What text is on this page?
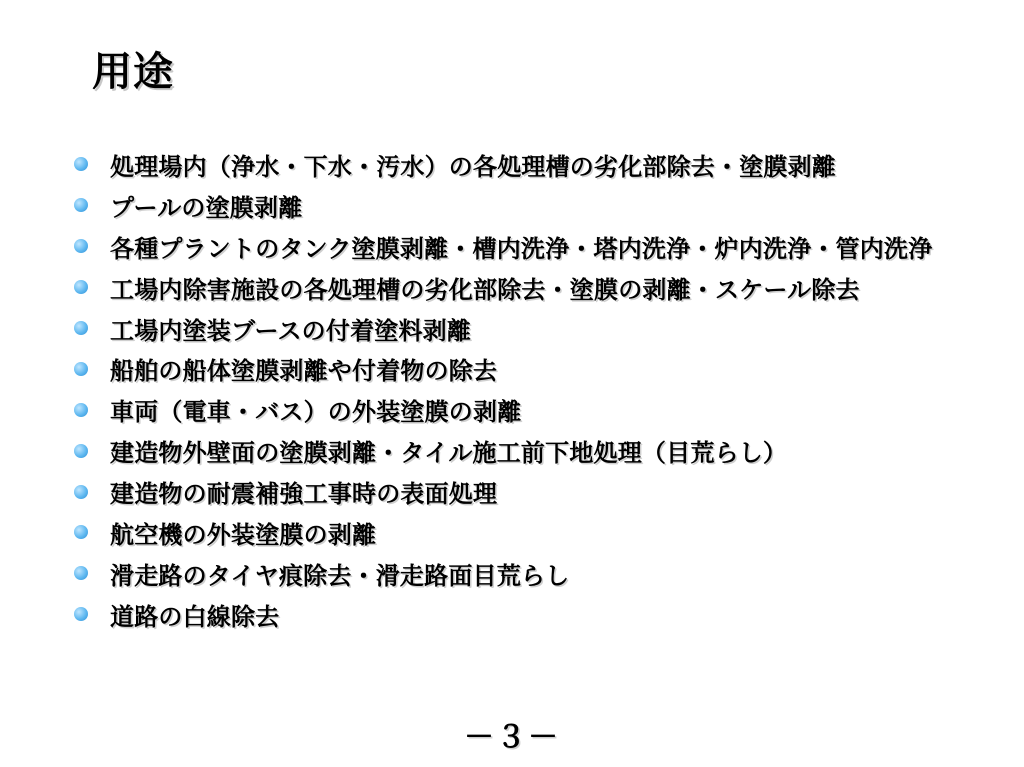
用途
処理場内（浄水・下水・汚水）の各処理槽の劣化部除去・塗膜剥離
プールの塗膜剥離
各種プラントのタンク塗膜剥離・槽内洗浄・塔内洗浄・炉内洗浄・管内洗浄
工場内除害施設の各処理槽の劣化部除去・塗膜の剥離・スケール除去
工場内塗装ブースの付着塗料剥離
船舶の船体塗膜剥離や付着物の除去
車両（電車・バス）の外装塗膜の剥離
建造物外壁面の塗膜剥離・タイル施工前下地処理（目荒らし）
建造物の耐震補強工事時の表面処理
航空機の外装塗膜の剥離
滑走路のタイヤ痕除去・滑走路面目荒らし
道路の白線除去
－３－
